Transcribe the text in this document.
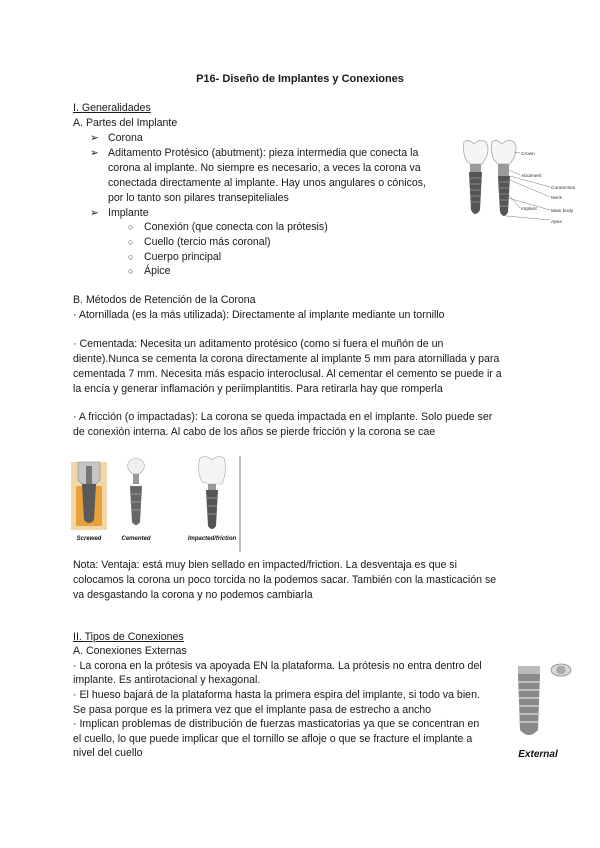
P16- Diseño de Implantes y Conexiones
I. Generalidades
A. Partes del Implante
➢ Corona
➢ Aditamento Protésico (abutment): pieza intermedia que conecta la
corona al implante. No siempre es necesario, a veces la corona va
conectada directamente al implante. Hay unos angulares o cónicos,
por lo tanto son pilares transepiteliales
➢ Implante
○ Conexión (que conecta con la prótesis)
○ Cuello (tercio más coronal)
○ Cuerpo principal
○ Ápice
Crown
Abutment
Connection
Neck
Implant	Main body
Apex
B. Métodos de Retención de la Corona
· Atornillada (es la más utilizada): Directamente al implante mediante un tornillo
· Cementada: Necesita un aditamento protésico (como si fuera el muñón de un
diente).Nunca se cementa la corona directamente al implante 5 mm para atornillada y para
cementada 7 mm. Necesita más espacio interoclusal. Al cementar el cemento se puede ir a
la encía y generar inflamación y periimplantitis. Para retirarla hay que romperla
· A fricción (o impactadas): La corona se queda impactada en el implante. Solo puede ser
de conexión interna. Al cabo de los años se pierde fricción y la corona se cae
Screwed	Cemented	Impacted/friction
Nota: Ventaja: está muy bien sellado en impacted/friction. La desventaja es que si
colocamos la corona un poco torcida no la podemos sacar. También con la masticación se
va desgastando la corona y no podemos cambiarla
II. Tipos de Conexiones
A. Conexiones Externas
· La corona en la prótesis va apoyada EN la plataforma. La prótesis no entra dentro del
implante. Es antirotacional y hexagonal.
· El hueso bajará de la plataforma hasta la primera espira del implante, si todo va bien.
Se pasa porque es la primera vez que el implante pasa de estrecho a ancho
· Implican problemas de distribución de fuerzas masticatorias ya que se concentran en
el cuello, lo que puede implicar que el tornillo se afloje o que se fracture el implante a
nivel del cuello	External
